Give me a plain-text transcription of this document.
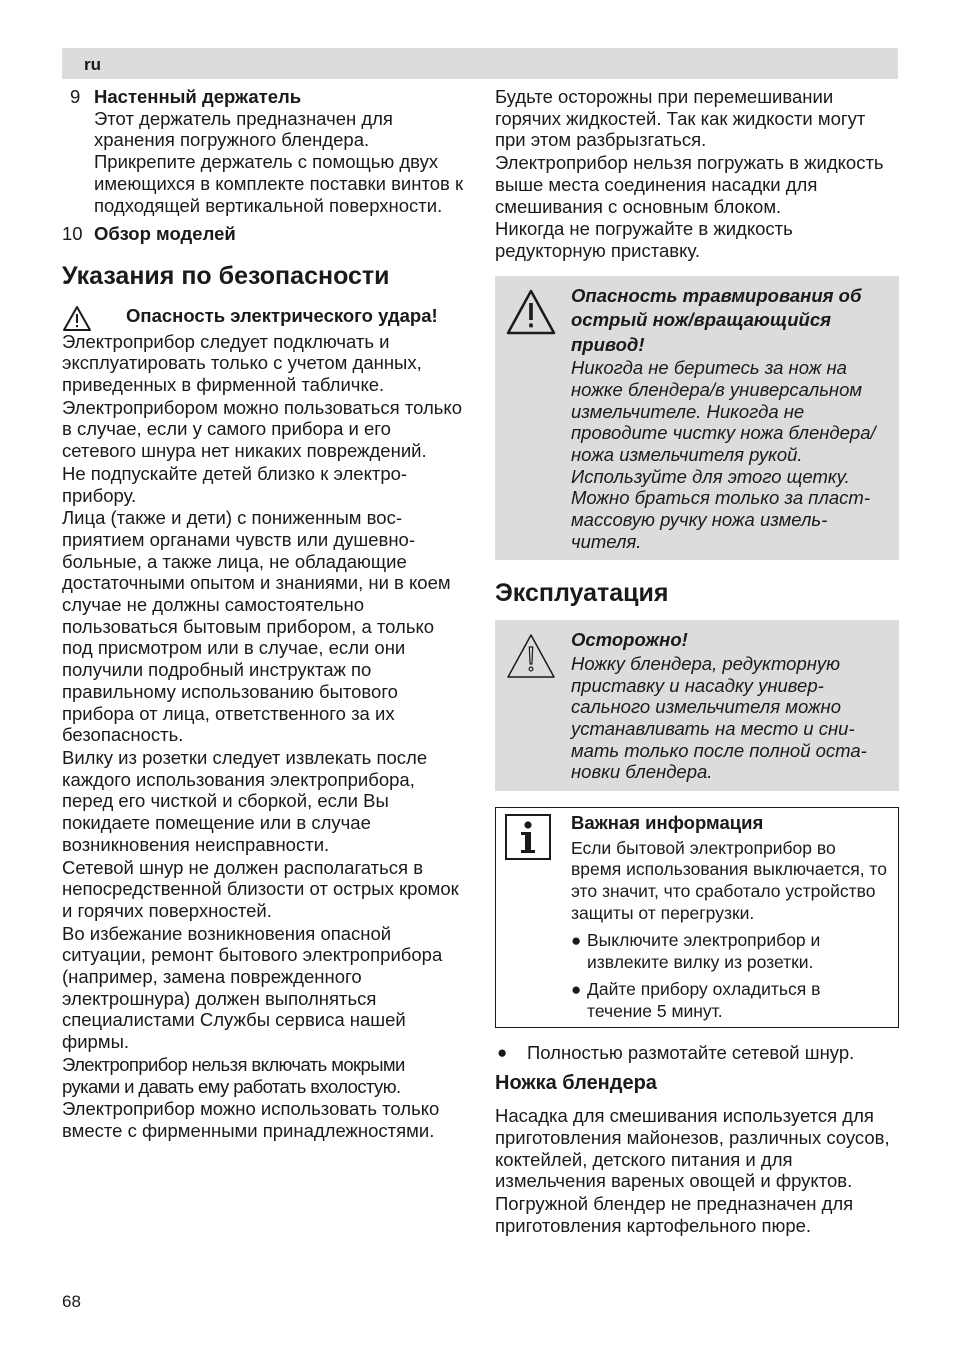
ru
9 Настенный держатель

Этот держатель предназначен для хранения погружного блендера. Прикрепите держатель с помощью двух имеющихся в комплекте поставки винтов к подходящей вертикальной поверхности.

10 Обзор моделей
Указания по безопасности
Опасность электрического удара!

Электроприбор следует подключать и эксплуатировать только с учетом данных, приведенных в фирменной табличке.

Электроприбором можно пользоваться только в случае, если у самого прибора и его сетевого шнура нет никаких повреждений.

Не подпускайте детей близко к электроприбору.

Лица (также и дети) с пониженным восприятием органами чувств или душевнобольные, а также лица, не обладающие достаточными опытом и знаниями, ни в коем случае не должны самостоятельно пользоваться бытовым прибором, а только под присмотром или в случае, если они получили подробный инструктаж по правильному использованию бытового прибора от лица, ответственного за их безопасность.

Вилку из розетки следует извлекать после каждого использования электроприбора, перед его чисткой и сборкой, если Вы покидаете помещение или в случае возникновения неисправности.

Сетевой шнур не должен располагаться в непосредственной близости от острых кромок и горячих поверхностей.

Во избежание возникновения опасной ситуации, ремонт бытового электроприбора (например, замена поврежденного электрошнура) должен выполняться специалистами Службы сервиса нашей фирмы.

Электроприбор нельзя включать мокрыми руками и давать ему работать вхолостую.

Электроприбор можно использовать только вместе с фирменными принадлежностями.

Будьте осторожны при перемешивании горячих жидкостей. Так как жидкости могут при этом разбрызгаться.

Электроприбор нельзя погружать в жидкость выше места соединения насадки для смешивания с основным блоком.

Никогда не погружайте в жидкость редукторную приставку.

Опасность травмирования об острый нож/вращающийся привод!

Никогда не беритесь за нож на ножке блендера/в универсальном измельчителе. Никогда не проводите чистку ножа блендера/ножа измельчителя рукой. Используйте для этого щетку. Можно браться только за пластмассовую ручку ножа измельчителя.

Эксплуатация
Осторожно!

Ножку блендера, редукторную приставку и насадку универсального измельчителя можно устанавливать на место и снимать только после полной остановки блендера.

Важная информация

Если бытовой электроприбор во время использования выключается, то это значит, что сработало устройство защиты от перегрузки.

● Выключите электроприбор и извлеките вилку из розетки.
● Дайте прибору охладиться в течение 5 минут.
● Полностью размотайте сетевой шнур.
Ножка блендера

Насадка для смешивания используется для приготовления майонезов, различных соусов, коктейлей, детского питания и для измельчения вареных овощей и фруктов.

Погружной блендер не предназначен для приготовления картофельного пюре.

68
